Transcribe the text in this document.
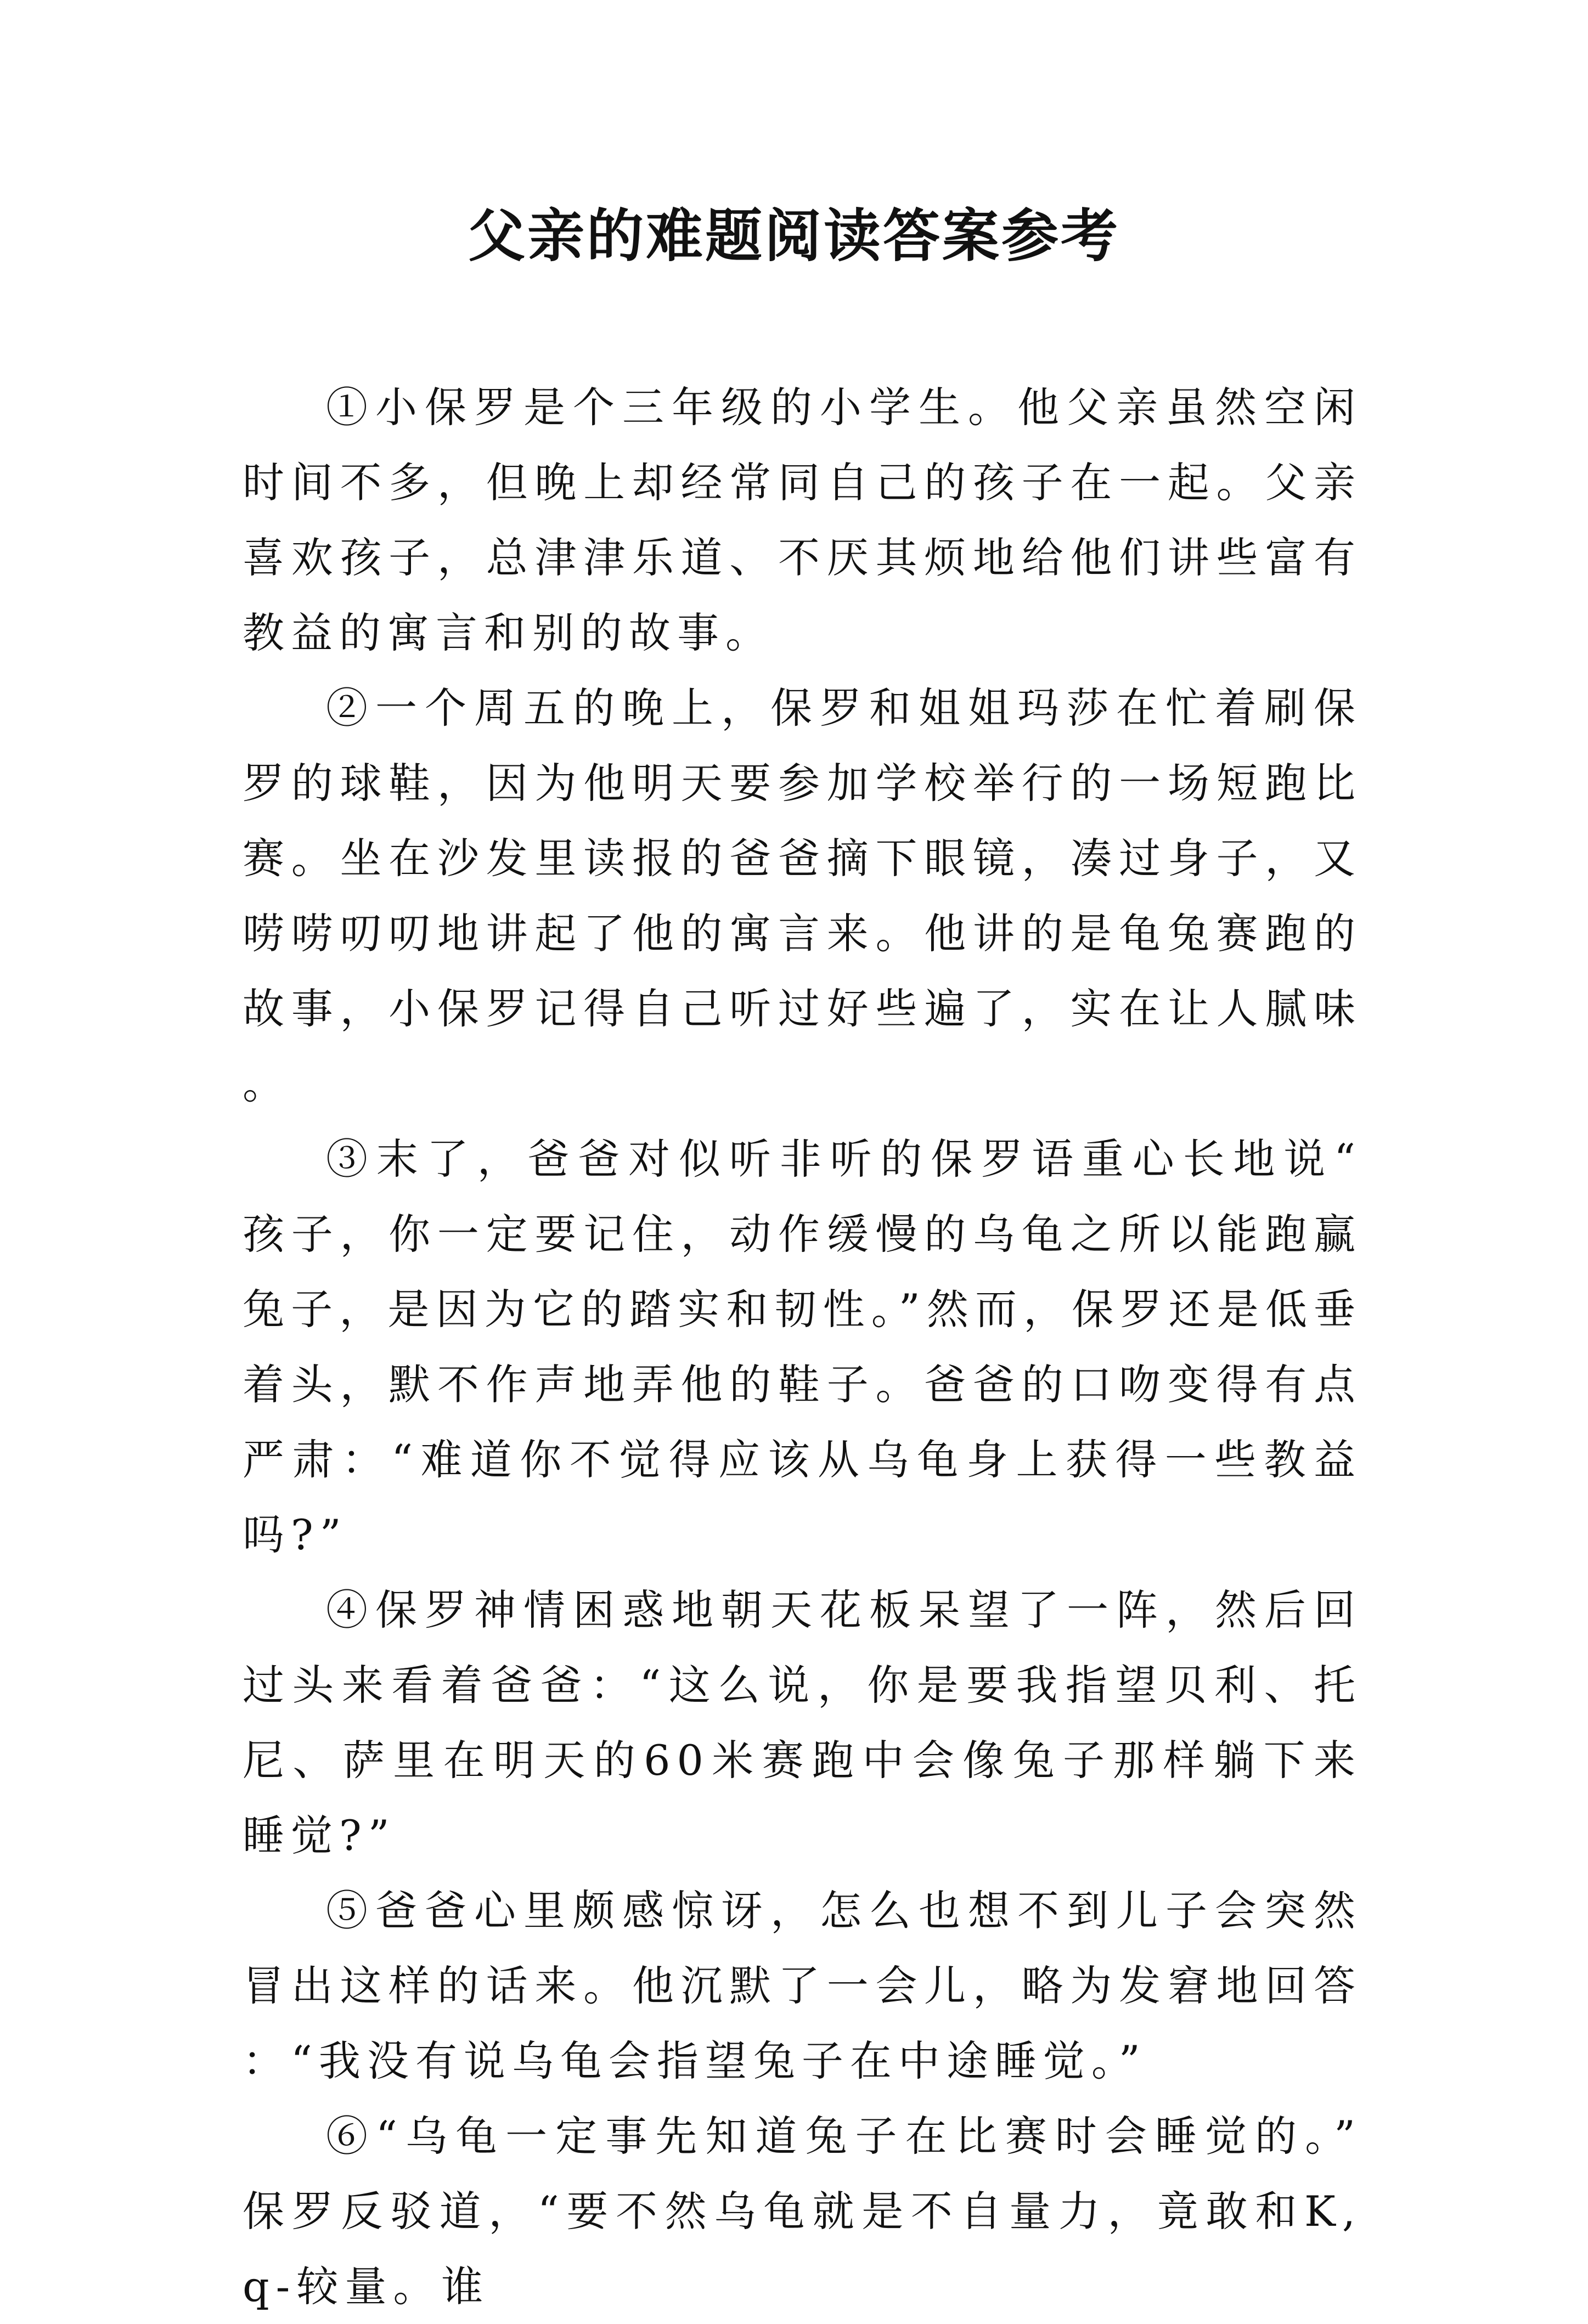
父亲的难题阅读答案参考

①小保罗是个三年级的小学生。他父亲虽然空闲时间不多，但晚上却经常同自己的孩子在一起。父亲喜欢孩子，总津津乐道、不厌其烦地给他们讲些富有教益的寓言和别的故事。

②一个周五的晚上，保罗和姐姐玛莎在忙着刷保罗的球鞋，因为他明天要参加学校举行的一场短跑比赛。坐在沙发里读报的爸爸摘下眼镜，凑过身子，又唠唠叨叨地讲起了他的寓言来。他讲的是龟兔赛跑的故事，小保罗记得自己听过好些遍了，实在让人腻味。

③末了，爸爸对似听非听的保罗语重心长地说“孩子，你一定要记住，动作缓慢的乌龟之所以能跑赢兔子，是因为它的踏实和韧性。”然而，保罗还是低垂着头，默不作声地弄他的鞋子。爸爸的口吻变得有点严肃：“难道你不觉得应该从乌龟身上获得一些教益吗?”

④保罗神情困惑地朝天花板呆望了一阵，然后回过头来看着爸爸：“这么说，你是要我指望贝利、托尼、萨里在明天的60米赛跑中会像兔子那样躺下来睡觉?”

⑤爸爸心里颇感惊讶，怎么也想不到儿子会突然冒出这样的话来。他沉默了一会儿，略为发窘地回答：“我没有说乌龟会指望兔子在中途睡觉。”

⑥“乌龟一定事先知道兔子在比赛时会睡觉的。”保罗反驳道，“要不然乌龟就是不自量力，竟敢和K,q-较量。谁
